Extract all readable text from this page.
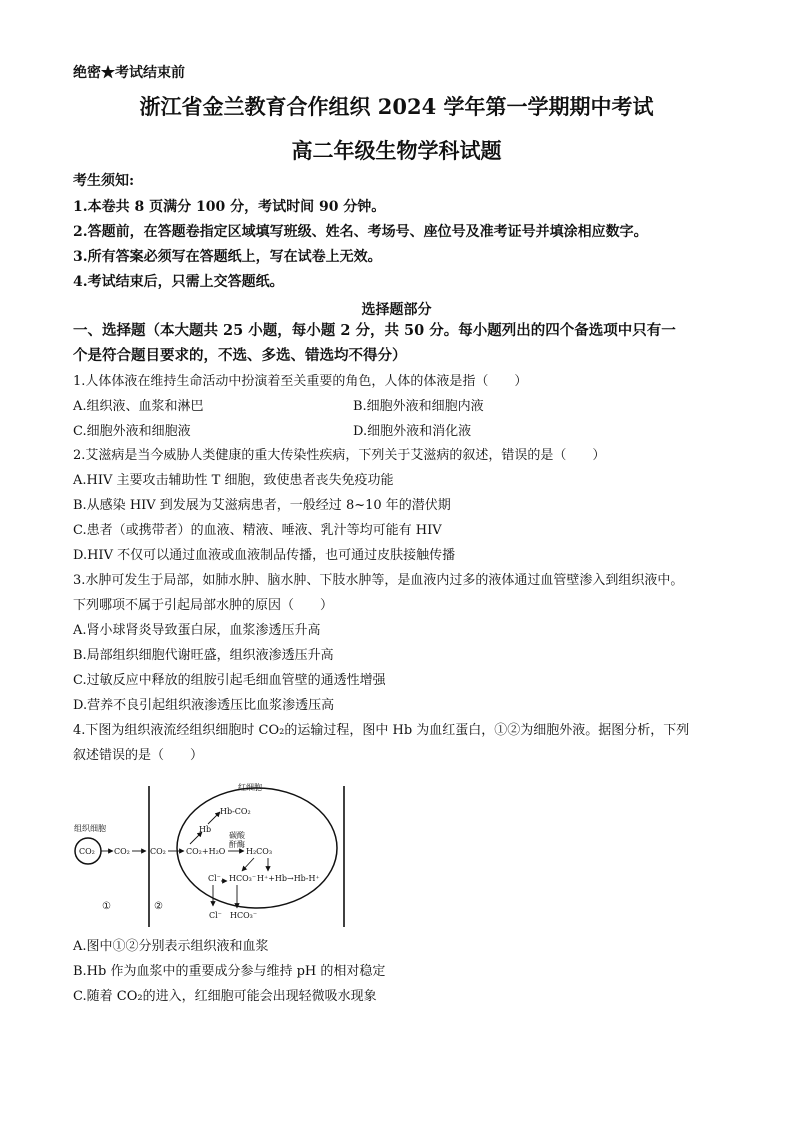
绝密★考试结束前
浙江省金兰教育合作组织 2024 学年第一学期期中考试
高二年级生物学科试题
考生须知:
1.本卷共 8 页满分 100 分，考试时间 90 分钟。
2.答题前，在答题卷指定区域填写班级、姓名、考场号、座位号及准考证号并填涂相应数字。
3.所有答案必须写在答题纸上，写在试卷上无效。
4.考试结束后，只需上交答题纸。
选择题部分
一、选择题（本大题共 25 小题，每小题 2 分，共 50 分。每小题列出的四个备选项中只有一
个是符合题目要求的，不选、多选、错选均不得分）
1.人体体液在维持生命活动中扮演着至关重要的角色，人体的体液是指（　　）
A.组织液、血浆和淋巴	B.细胞外液和细胞内液
C.细胞外液和细胞液	D.细胞外液和消化液
2.艾滋病是当今威胁人类健康的重大传染性疾病，下列关于艾滋病的叙述，错误的是（　　）
A.HIV 主要攻击辅助性 T 细胞，致使患者丧失免疫功能
B.从感染 HIV 到发展为艾滋病患者，一般经过 8~10 年的潜伏期
C.患者（或携带者）的血液、精液、唾液、乳汁等均可能有 HIV
D.HIV 不仅可以通过血液或血液制品传播，也可通过皮肤接触传播
3.水肿可发生于局部，如肺水肿、脑水肿、下肢水肿等，是血液内过多的液体通过血管壁渗入到组织液中。
下列哪项不属于引起局部水肿的原因（　　）
A.肾小球肾炎导致蛋白尿，血浆渗透压升高
B.局部组织细胞代谢旺盛，组织液渗透压升高
C.过敏反应中释放的组胺引起毛细血管壁的通透性增强
D.营养不良引起组织液渗透压比血浆渗透压高
4.下图为组织液流经组织细胞时 CO₂的运输过程，图中 Hb 为血红蛋白，①②为细胞外液。据图分析，下列
叙述错误的是（　　）
组织细胞
CO₂
红细胞
CO₂	CO₂	CO₂+H₂O
碳酸
酐酶
H₂CO₃
Hb
Hb-CO₂
Cl⁻ HCO₃⁻ H⁺+Hb→Hb-H⁺
Cl⁻ HCO₃⁻
①	②
A.图中①②分别表示组织液和血浆
B.Hb 作为血浆中的重要成分参与维持 pH 的相对稳定
C.随着 CO₂的进入，红细胞可能会出现轻微吸水现象
